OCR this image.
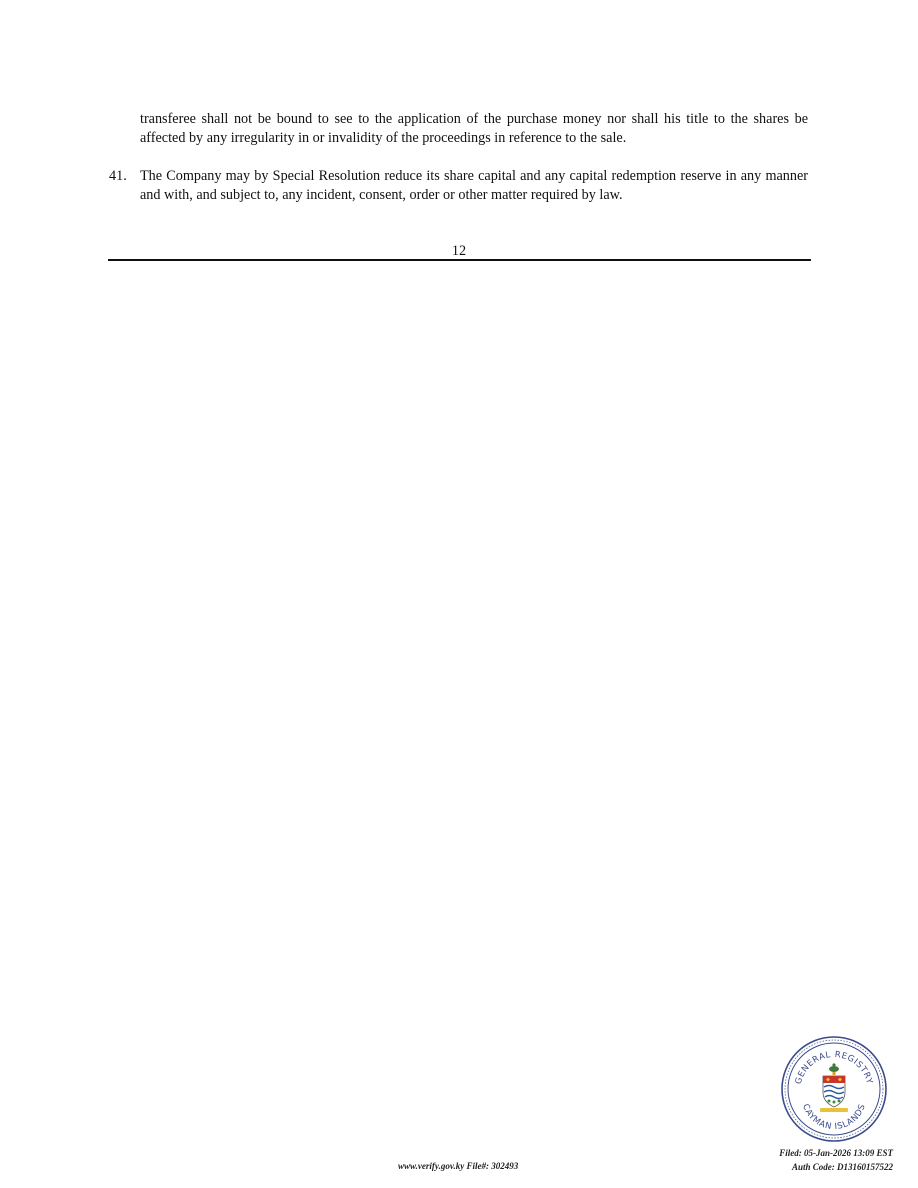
transferee shall not be bound to see to the application of the purchase money nor shall his title to the shares be affected by any irregularity in or invalidity of the proceedings in reference to the sale.
41. The Company may by Special Resolution reduce its share capital and any capital redemption reserve in any manner and with, and subject to, any incident, consent, order or other matter required by law.
12
GENERAL REGISTRY
CAYMAN ISLANDS
www.verify.gov.ky File#: 302493
Filed: 05-Jan-2026 13:09 EST
Auth Code: D13160157522
